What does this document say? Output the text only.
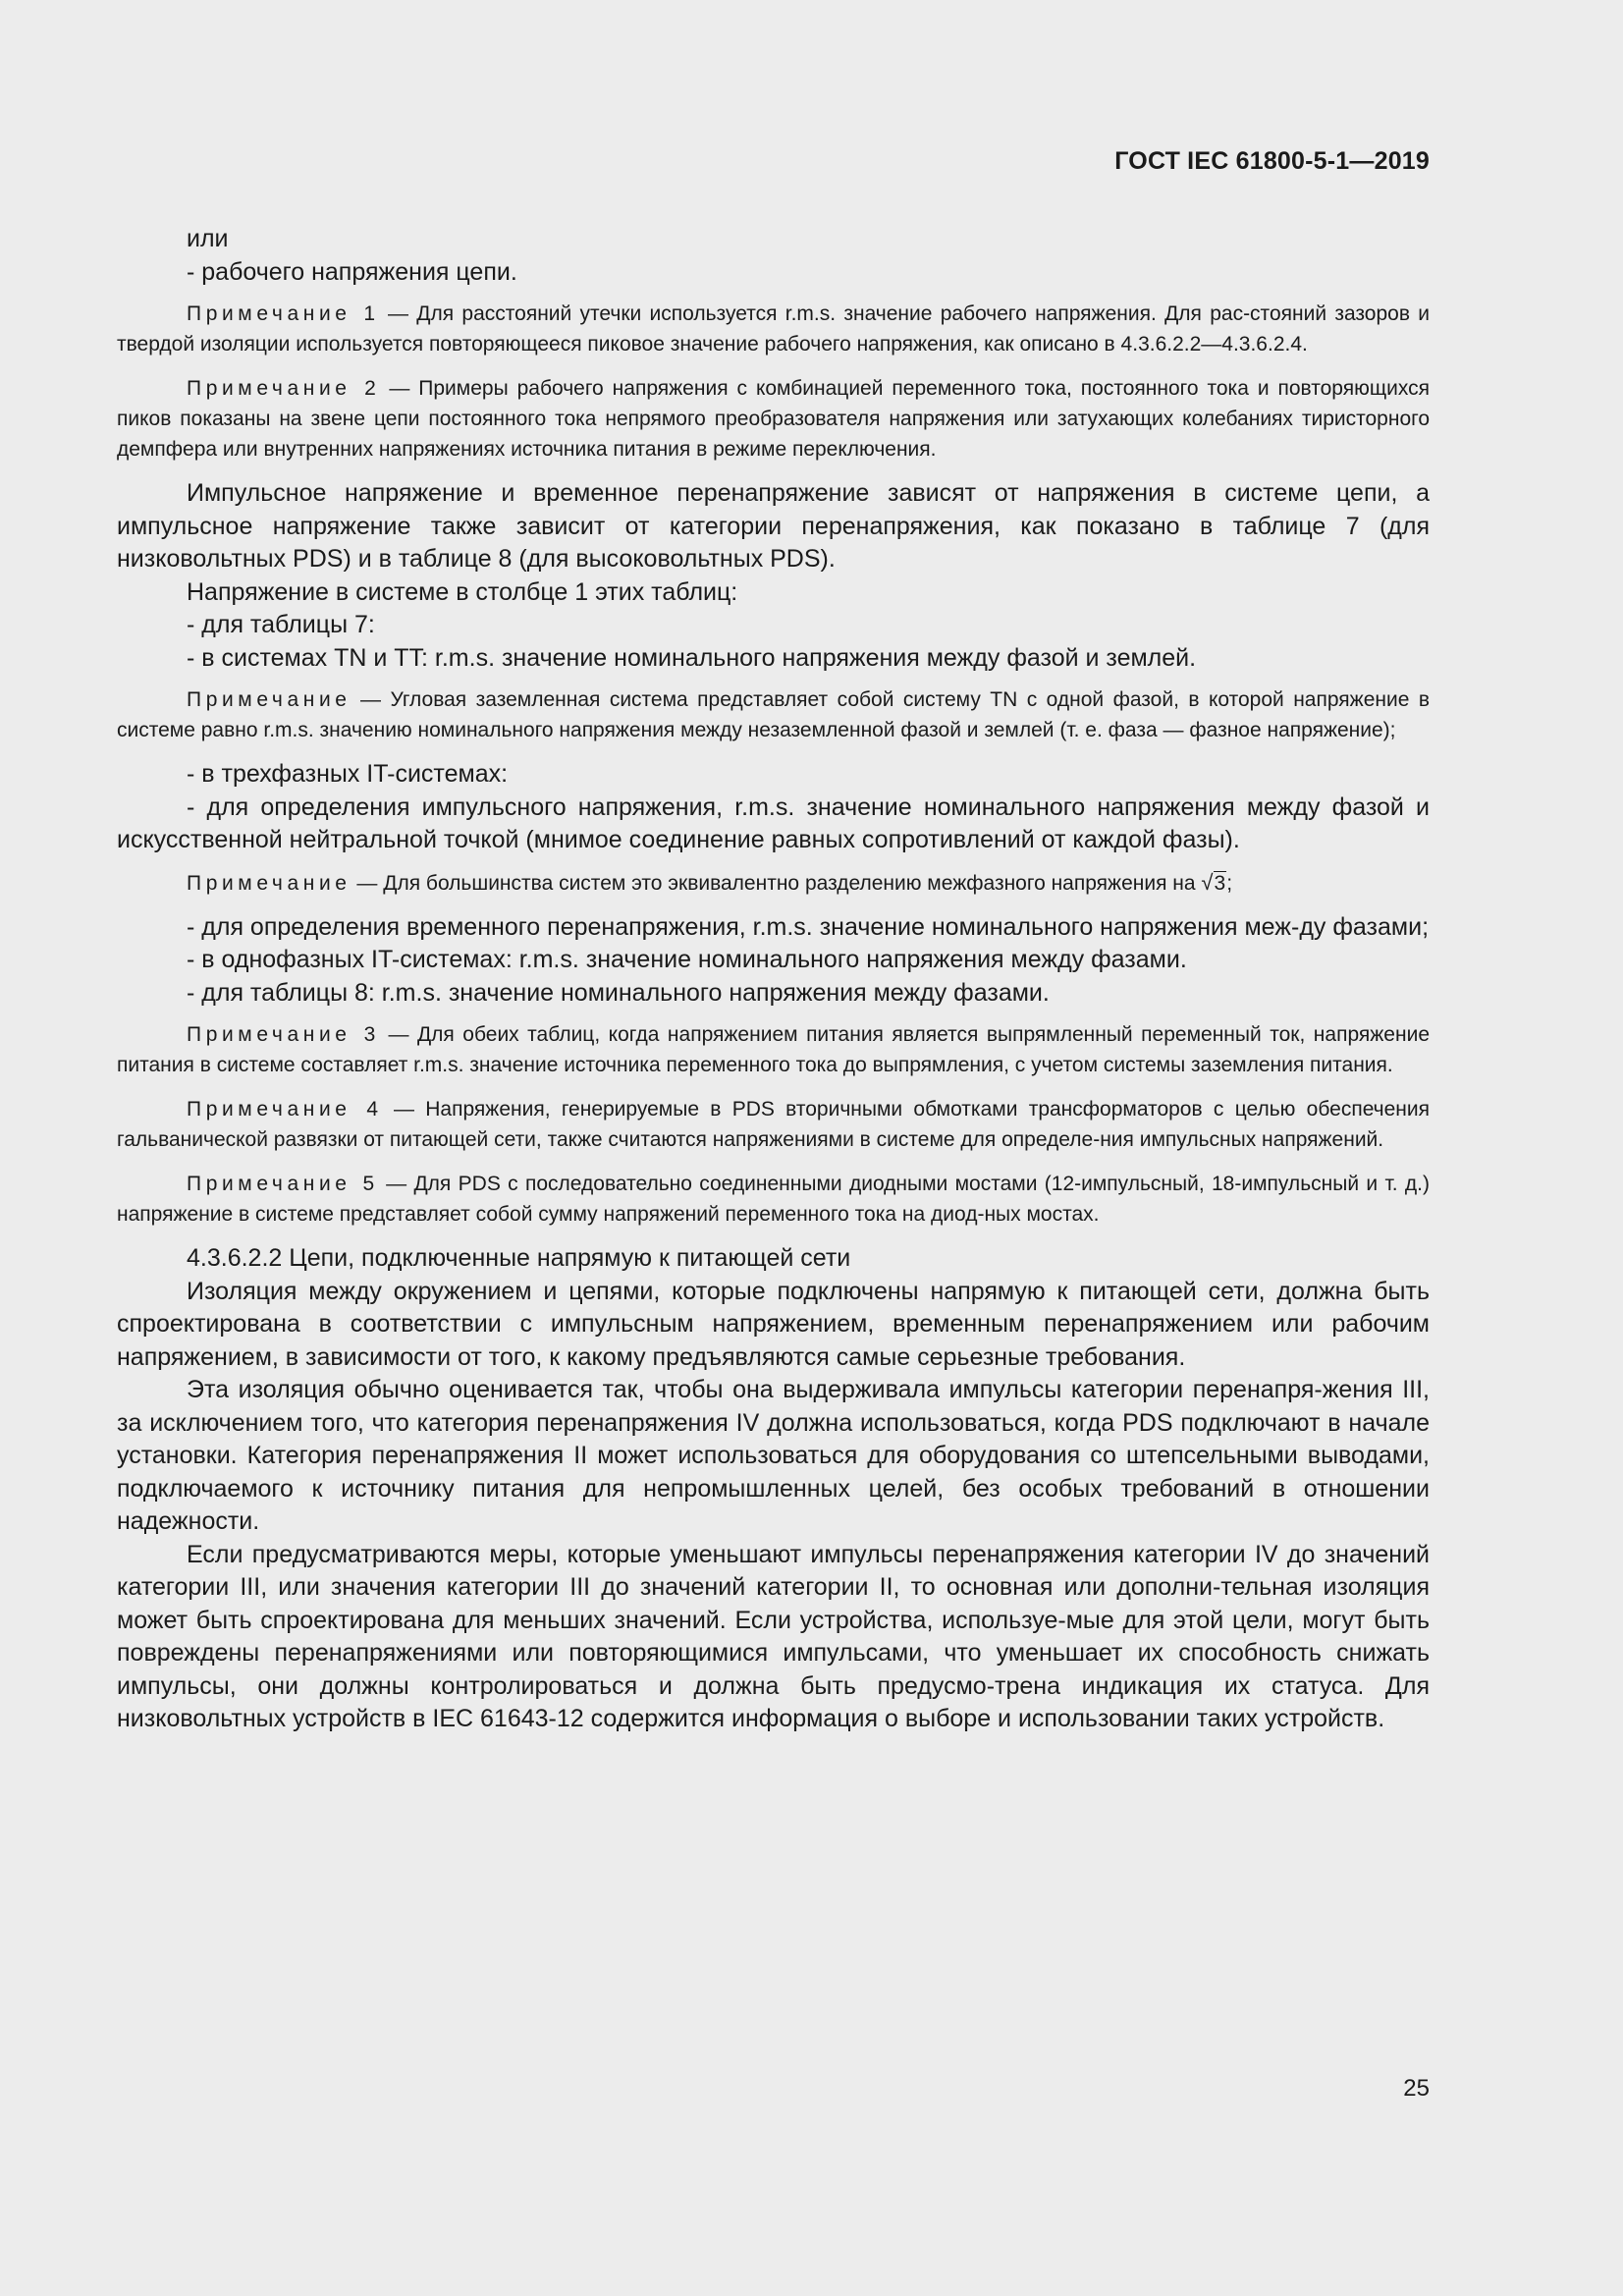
ГОСТ IEC 61800-5-1—2019

или

- рабочего напряжения цепи.

Примечание 1 — Для расстояний утечки используется r.m.s. значение рабочего напряжения. Для рас-стояний зазоров и твердой изоляции используется повторяющееся пиковое значение рабочего напряжения, как описано в 4.3.6.2.2—4.3.6.2.4.

Примечание 2 — Примеры рабочего напряжения с комбинацией переменного тока, постоянного тока и повторяющихся пиков показаны на звене цепи постоянного тока непрямого преобразователя напряжения или затухающих колебаниях тиристорного демпфера или внутренних напряжениях источника питания в режиме переключения.

Импульсное напряжение и временное перенапряжение зависят от напряжения в системе цепи, а импульсное напряжение также зависит от категории перенапряжения, как показано в таблице 7 (для низковольтных PDS) и в таблице 8 (для высоковольтных PDS).

Напряжение в системе в столбце 1 этих таблиц:

- для таблицы 7:

- в системах TN и TT: r.m.s. значение номинального напряжения между фазой и землей.

Примечание — Угловая заземленная система представляет собой систему TN с одной фазой, в которой напряжение в системе равно r.m.s. значению номинального напряжения между незаземленной фазой и землей (т. е. фаза — фазное напряжение);

- в трехфазных IT-системах:

- для определения импульсного напряжения, r.m.s. значение номинального напряжения между фазой и искусственной нейтральной точкой (мнимое соединение равных сопротивлений от каждой фазы).

Примечание — Для большинства систем это эквивалентно разделению межфазного напряжения на √3;

- для определения временного перенапряжения, r.m.s. значение номинального напряжения меж-ду фазами;

- в однофазных IT-системах: r.m.s. значение номинального напряжения между фазами.

- для таблицы 8: r.m.s. значение номинального напряжения между фазами.

Примечание 3 — Для обеих таблиц, когда напряжением питания является выпрямленный переменный ток, напряжение питания в системе составляет r.m.s. значение источника переменного тока до выпрямления, с учетом системы заземления питания.

Примечание 4 — Напряжения, генерируемые в PDS вторичными обмотками трансформаторов с целью обеспечения гальванической развязки от питающей сети, также считаются напряжениями в системе для определе-ния импульсных напряжений.

Примечание 5 — Для PDS с последовательно соединенными диодными мостами (12-импульсный, 18-импульсный и т. д.) напряжение в системе представляет собой сумму напряжений переменного тока на диод-ных мостах.

4.3.6.2.2 Цепи, подключенные напрямую к питающей сети

Изоляция между окружением и цепями, которые подключены напрямую к питающей сети, должна быть спроектирована в соответствии с импульсным напряжением, временным перенапряжением или рабочим напряжением, в зависимости от того, к какому предъявляются самые серьезные требования.

Эта изоляция обычно оценивается так, чтобы она выдерживала импульсы категории перенапря-жения III, за исключением того, что категория перенапряжения IV должна использоваться, когда PDS подключают в начале установки. Категория перенапряжения II может использоваться для оборудования со штепсельными выводами, подключаемого к источнику питания для непромышленных целей, без особых требований в отношении надежности.

Если предусматриваются меры, которые уменьшают импульсы перенапряжения категории IV до значений категории III, или значения категории III до значений категории II, то основная или дополни-тельная изоляция может быть спроектирована для меньших значений. Если устройства, используе-мые для этой цели, могут быть повреждены перенапряжениями или повторяющимися импульсами, что уменьшает их способность снижать импульсы, они должны контролироваться и должна быть предусмо-трена индикация их статуса. Для низковольтных устройств в IEC 61643-12 содержится информация о выборе и использовании таких устройств.

25
